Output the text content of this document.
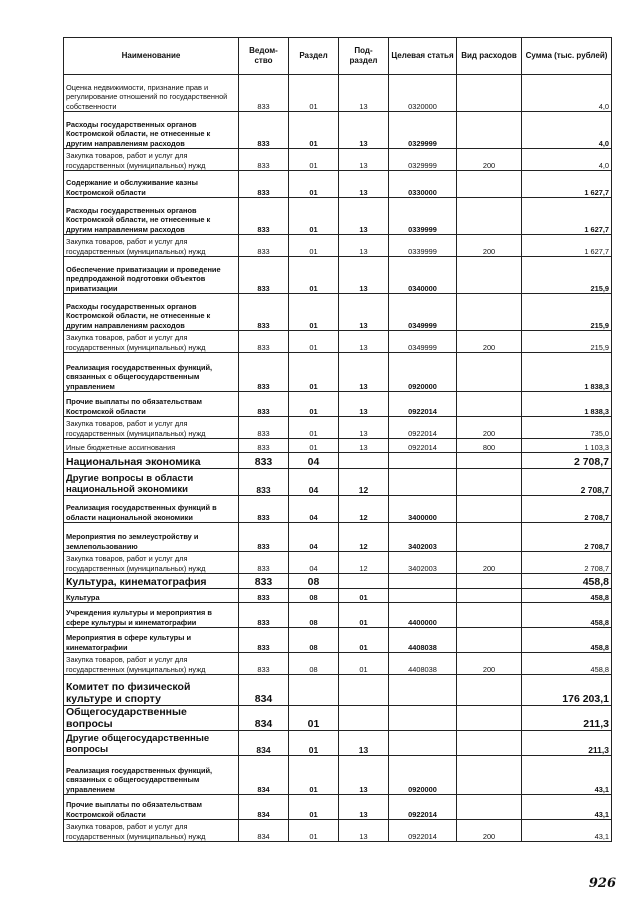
Наименование	Ведом-ство	Раздел	Под-раздел	Целевая статья	Вид расходов	Сумма (тыс. рублей)
Оценка недвижимости, признание прав и регулирование отношений по государственной собственности	833	01	13	0320000		4,0
Расходы государственных органов Костромской области, не отнесенные к другим направлениям расходов	833	01	13	0329999		4,0
Закупка товаров, работ и услуг для государственных (муниципальных) нужд	833	01	13	0329999	200	4,0
Содержание и обслуживание казны Костромской области	833	01	13	0330000		1 627,7
Расходы государственных органов Костромской области, не отнесенные к другим направлениям расходов	833	01	13	0339999		1 627,7
Закупка товаров, работ и услуг для государственных (муниципальных) нужд	833	01	13	0339999	200	1 627,7
Обеспечение приватизации и проведение предпродажной подготовки объектов приватизации	833	01	13	0340000		215,9
Расходы государственных органов Костромской области, не отнесенные к другим направлениям расходов	833	01	13	0349999		215,9
Закупка товаров, работ и услуг для государственных (муниципальных) нужд	833	01	13	0349999	200	215,9
Реализация государственных функций, связанных с общегосударственным управлением	833	01	13	0920000		1 838,3
Прочие выплаты по обязательствам Костромской области	833	01	13	0922014		1 838,3
Закупка товаров, работ и услуг для государственных (муниципальных) нужд	833	01	13	0922014	200	735,0
Иные бюджетные ассигнования	833	01	13	0922014	800	1 103,3
Национальная экономика	833	04				2 708,7
Другие вопросы в области национальной экономики	833	04	12			2 708,7
Реализация государственных функций в области национальной экономики	833	04	12	3400000		2 708,7
Мероприятия по землеустройству и землепользованию	833	04	12	3402003		2 708,7
Закупка товаров, работ и услуг для государственных (муниципальных) нужд	833	04	12	3402003	200	2 708,7
Культура, кинематография	833	08				458,8
Культура	833	08	01			458,8
Учреждения культуры и мероприятия в сфере культуры и кинематографии	833	08	01	4400000		458,8
Мероприятия в сфере культуры и кинематографии	833	08	01	4408038		458,8
Закупка товаров, работ и услуг для государственных (муниципальных) нужд	833	08	01	4408038	200	458,8
Комитет по физической культуре и спорту	834					176 203,1
Общегосударственные вопросы	834	01				211,3
Другие общегосударственные вопросы	834	01	13			211,3
Реализация государственных функций, связанных с общегосударственным управлением	834	01	13	0920000		43,1
Прочие выплаты по обязательствам Костромской области	834	01	13	0922014		43,1
Закупка товаров, работ и услуг для государственных (муниципальных) нужд	834	01	13	0922014	200	43,1
926
